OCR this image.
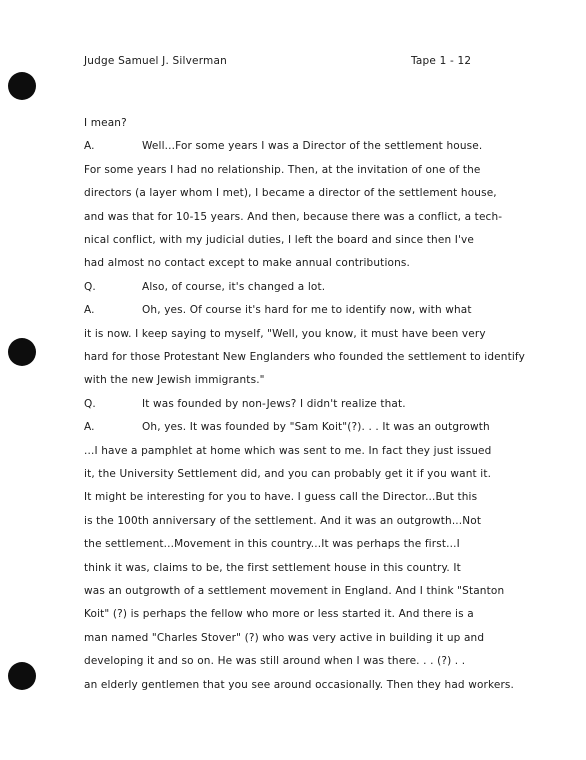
Judge Samuel J. Silverman	Tape 1 - 12
I mean?
A.	Well...For some years I was a Director of the settlement house.
For some years I had no relationship. Then, at the invitation of one of the
directors (a layer whom I met), I became a director of the settlement house,
and was that for 10-15 years. And then, because there was a conflict, a tech-
nical conflict, with my judicial duties, I left the board and since then I've
had almost no contact except to make annual contributions.
Q.	Also, of course, it's changed a lot.
A.	Oh, yes. Of course it's hard for me to identify now, with what
it is now. I keep saying to myself, "Well, you know, it must have been very
hard for those Protestant New Englanders who founded the settlement to identify
with the new Jewish immigrants."
Q.	It was founded by non-Jews? I didn't realize that.
A.	Oh, yes. It was founded by "Sam Koit"(?). . . It was an outgrowth
...I have a pamphlet at home which was sent to me. In fact they just issued
it, the University Settlement did, and you can probably get it if you want it.
It might be interesting for you to have. I guess call the Director...But this
is the 100th anniversary of the settlement. And it was an outgrowth...Not
the settlement...Movement in this country...It was perhaps the first...I
think it was, claims to be, the first settlement house in this country. It
was an outgrowth of a settlement movement in England. And I think "Stanton
Koit" (?) is perhaps the fellow who more or less started it. And there is a
man named "Charles Stover" (?) who was very active in building it up and
developing it and so on. He was still around when I was there. . . (?) . .
an elderly gentlemen that you see around occasionally. Then they had workers.
